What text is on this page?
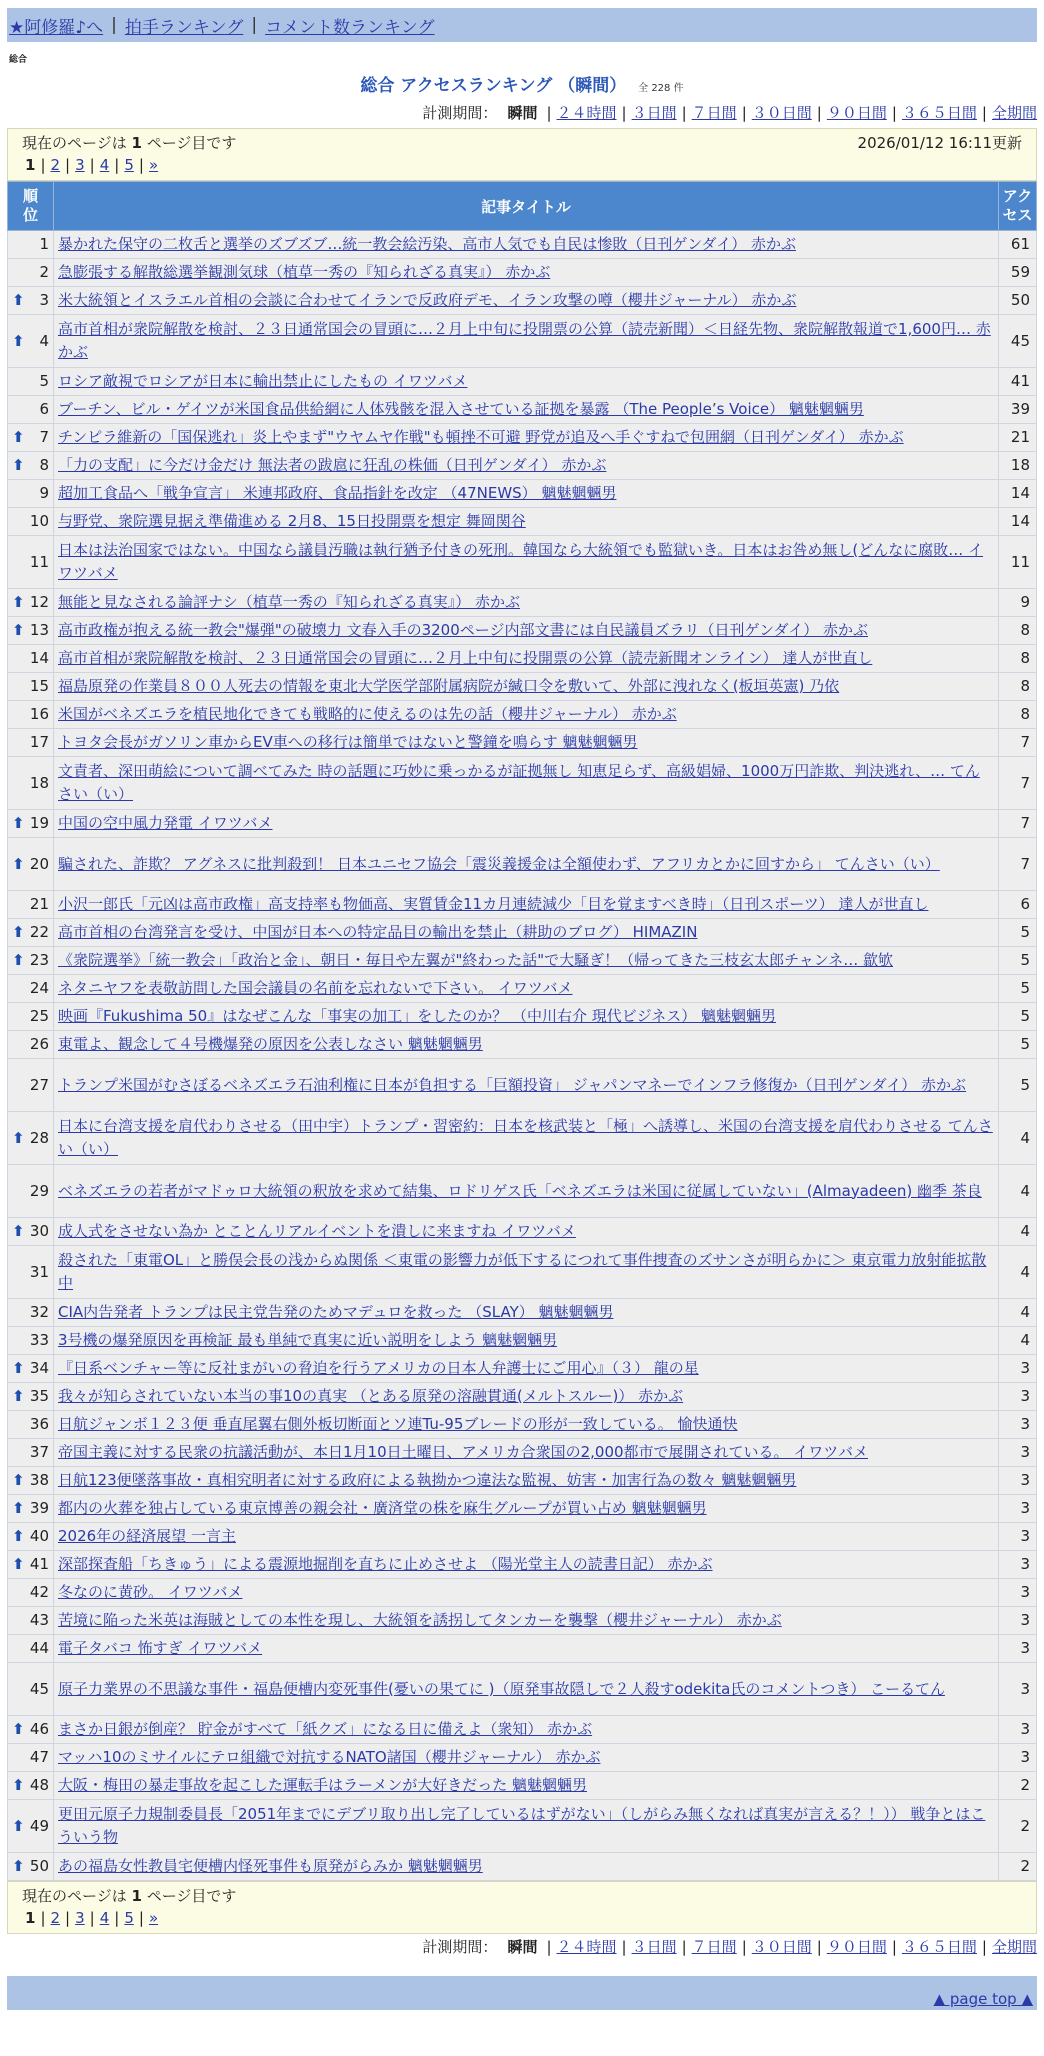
★阿修羅♪へ | 拍手ランキング | コメント数ランキング
総合
総合 アクセスランキング （瞬間） 全 228 件
計測期間： 瞬間 | ２４時間 | ３日間 | ７日間 | ３０日間 | ９０日間 | ３６５日間 | 全期間
現在のページは 1 ページ目です	2026/01/12 16:11更新
1 | 2 | 3 | 4 | 5 | »
順位	記事タイトル	アクセス
1	暴かれた保守の二枚舌と選挙のズブズブ…統一教会絵汚染、高市人気でも自民は惨敗（日刊ゲンダイ） 赤かぶ	61
2	急膨張する解散総選挙観測気球（植草一秀の『知られざる真実』） 赤かぶ	59

⬆ 3	米大統領とイスラエル首相の会談に合わせてイランで反政府デモ、イラン攻撃の噂（櫻井ジャーナル） 赤かぶ	50

⬆ 4	高市首相が衆院解散を検討、２３日通常国会の冒頭に…２月上中旬に投開票の公算（読売新聞）＜日経先物、衆院解散報道で1,600円… 赤かぶ	45
5	ロシア敵視でロシアが日本に輸出禁止にしたもの イワツバメ	41
6	ブーチン、ビル・ゲイツが米国食品供給網に人体残骸を混入させている証拠を暴露 （The People’s Voice） 魑魅魍魎男	39

⬆ 7	チンピラ維新の「国保逃れ」炎上やまず"ウヤムヤ作戦"も頓挫不可避 野党が追及へ手ぐすねで包囲網（日刊ゲンダイ） 赤かぶ	21

⬆ 8	「力の支配」に今だけ金だけ 無法者の跋扈に狂乱の株価（日刊ゲンダイ） 赤かぶ	18
9	超加工食品へ「戦争宣言」 米連邦政府、食品指針を改定 （47NEWS） 魑魅魍魎男	14
10	与野党、衆院選見据え準備進める 2月8、15日投開票を想定 舞岡関谷	14
11	日本は法治国家ではない。中国なら議員汚職は執行猶予付きの死刑。韓国なら大統領でも監獄いき。日本はお咎め無し(どんなに腐敗… イワツバメ	11

⬆ 12	無能と見なされる論評ナシ（植草一秀の『知られざる真実』） 赤かぶ	9

⬆ 13	高市政権が抱える統一教会"爆弾"の破壊力 文春入手の3200ページ内部文書には自民議員ズラリ（日刊ゲンダイ） 赤かぶ	8
14	高市首相が衆院解散を検討、２３日通常国会の冒頭に…２月上中旬に投開票の公算（読売新聞オンライン） 達人が世直し	8
15	福島原発の作業員８００人死去の情報を東北大学医学部附属病院が緘口令を敷いて、外部に洩れなく(板垣英憲) 乃依	8
16	米国がベネズエラを植民地化できても戦略的に使えるのは先の話（櫻井ジャーナル） 赤かぶ	8
17	トヨタ会長がガソリン車からEV車への移行は簡単ではないと警鐘を鳴らす 魑魅魍魎男	7
18	文責者、深田萌絵について調べてみた 時の話題に巧妙に乗っかるが証拠無し 知恵足らず、高級娼婦、1000万円詐欺、判決逃れ、… てんさい（い）	7

⬆ 19	中国の空中風力発電 イワツバメ	7

⬆ 20	騙された、詐欺？ アグネスに批判殺到！ 日本ユニセフ協会「震災義援金は全額使わず、アフリカとかに回すから」 てんさい（い）	7
21	小沢一郎氏「元凶は高市政権」高支持率も物価高、実質賃金11カ月連続減少「目を覚ますべき時」（日刊スポーツ） 達人が世直し	6

⬆ 22	高市首相の台湾発言を受け、中国が日本への特定品目の輸出を禁止（耕助のブログ） HIMAZIN	5

⬆ 23	《衆院選挙》「統一教会」「政治と金」、朝日・毎日や左翼が"終わった話"で大騒ぎ！（帰ってきた三枝玄太郎チャンネ… 歙欨	5
24	ネタニヤフを表敬訪問した国会議員の名前を忘れないで下さい。 イワツバメ	5
25	映画『Fukushima 50』はなぜこんな「事実の加工」をしたのか？ （中川右介 現代ビジネス） 魑魅魍魎男	5
26	東電よ、観念して４号機爆発の原因を公表しなさい 魑魅魍魎男	5
27	トランプ米国がむさぼるベネズエラ石油利権に日本が負担する「巨額投資」 ジャパンマネーでインフラ修復か（日刊ゲンダイ） 赤かぶ	5

⬆ 28	日本に台湾支援を肩代わりさせる（田中宇）トランプ・習密約：日本を核武装と「極」へ誘導し、米国の台湾支援を肩代わりさせる てんさい（い）	4
29	ベネズエラの若者がマドゥロ大統領の釈放を求めて結集、ロドリゲス氏「ベネズエラは米国に従属していない」(Almayadeen) 幽季 茶良	4

⬆ 30	成人式をさせない為か とことんリアルイベントを潰しに来ますね イワツバメ	4
31	殺された「東電OL」と勝俣会長の浅からぬ関係 ＜東電の影響力が低下するにつれて事件捜査のズサンさが明らかに＞ 東京電力放射能拡散中	4
32	CIA内告発者 トランプは民主党告発のためマデュロを救った （SLAY） 魑魅魍魎男	4
33	3号機の爆発原因を再検証 最も単純で真実に近い説明をしよう 魑魅魍魎男	4

⬆ 34	『日系ベンチャー等に反社まがいの脅迫を行うアメリカの日本人弁護士にご用心』（３） 龍の星	3

⬆ 35	我々が知らされていない本当の事10の真実 （とある原発の溶融貫通(メルトスルー)） 赤かぶ	3
36	日航ジャンボ１２３便 垂直尾翼右側外板切断面とソ連Tu-95ブレードの形が一致している。 愉快通快	3
37	帝国主義に対する民衆の抗議活動が、本日1月10日土曜日、アメリカ合衆国の2,000都市で展開されている。 イワツバメ	3

⬆ 38	日航123便墜落事故・真相究明者に対する政府による執拗かつ違法な監視、妨害・加害行為の数々 魑魅魍魎男	3

⬆ 39	都内の火葬を独占している東京博善の親会社・廣済堂の株を麻生グループが買い占め 魑魅魍魎男	3

⬆ 40	2026年の経済展望 一言主	3

⬆ 41	深部探査船「ちきゅう」による震源地掘削を直ちに止めさせよ （陽光堂主人の読書日記） 赤かぶ	3
42	冬なのに黄砂。 イワツバメ	3
43	苦境に陥った米英は海賊としての本性を現し、大統領を誘拐してタンカーを襲撃（櫻井ジャーナル） 赤かぶ	3
44	電子タバコ 怖すぎ イワツバメ	3
45	原子力業界の不思議な事件・福島便槽内変死事件(憂いの果てに )（原発事故隠しで２人殺すodekita氏のコメントつき） こーるてん	3

⬆ 46	まさか日銀が倒産？ 貯金がすべて「紙クズ」になる日に備えよ（衆知） 赤かぶ	3
47	マッハ10のミサイルにテロ組織で対抗するNATO諸国（櫻井ジャーナル） 赤かぶ	3

⬆ 48	大阪・梅田の暴走事故を起こした運転手はラーメンが大好きだった 魑魅魍魎男	2

⬆ 49	更田元原子力規制委員長「2051年までにデブリ取り出し完了しているはずがない」（しがらみ無くなれば真実が言える？！）） 戦争とはこういう物	2

⬆ 50	あの福島女性教員宅便槽内怪死事件も原発がらみか 魑魅魍魎男	2
現在のページは 1 ページ目です
1 | 2 | 3 | 4 | 5 | »
計測期間： 瞬間 | ２４時間 | ３日間 | ７日間 | ３０日間 | ９０日間 | ３６５日間 | 全期間
▲ page top ▲
